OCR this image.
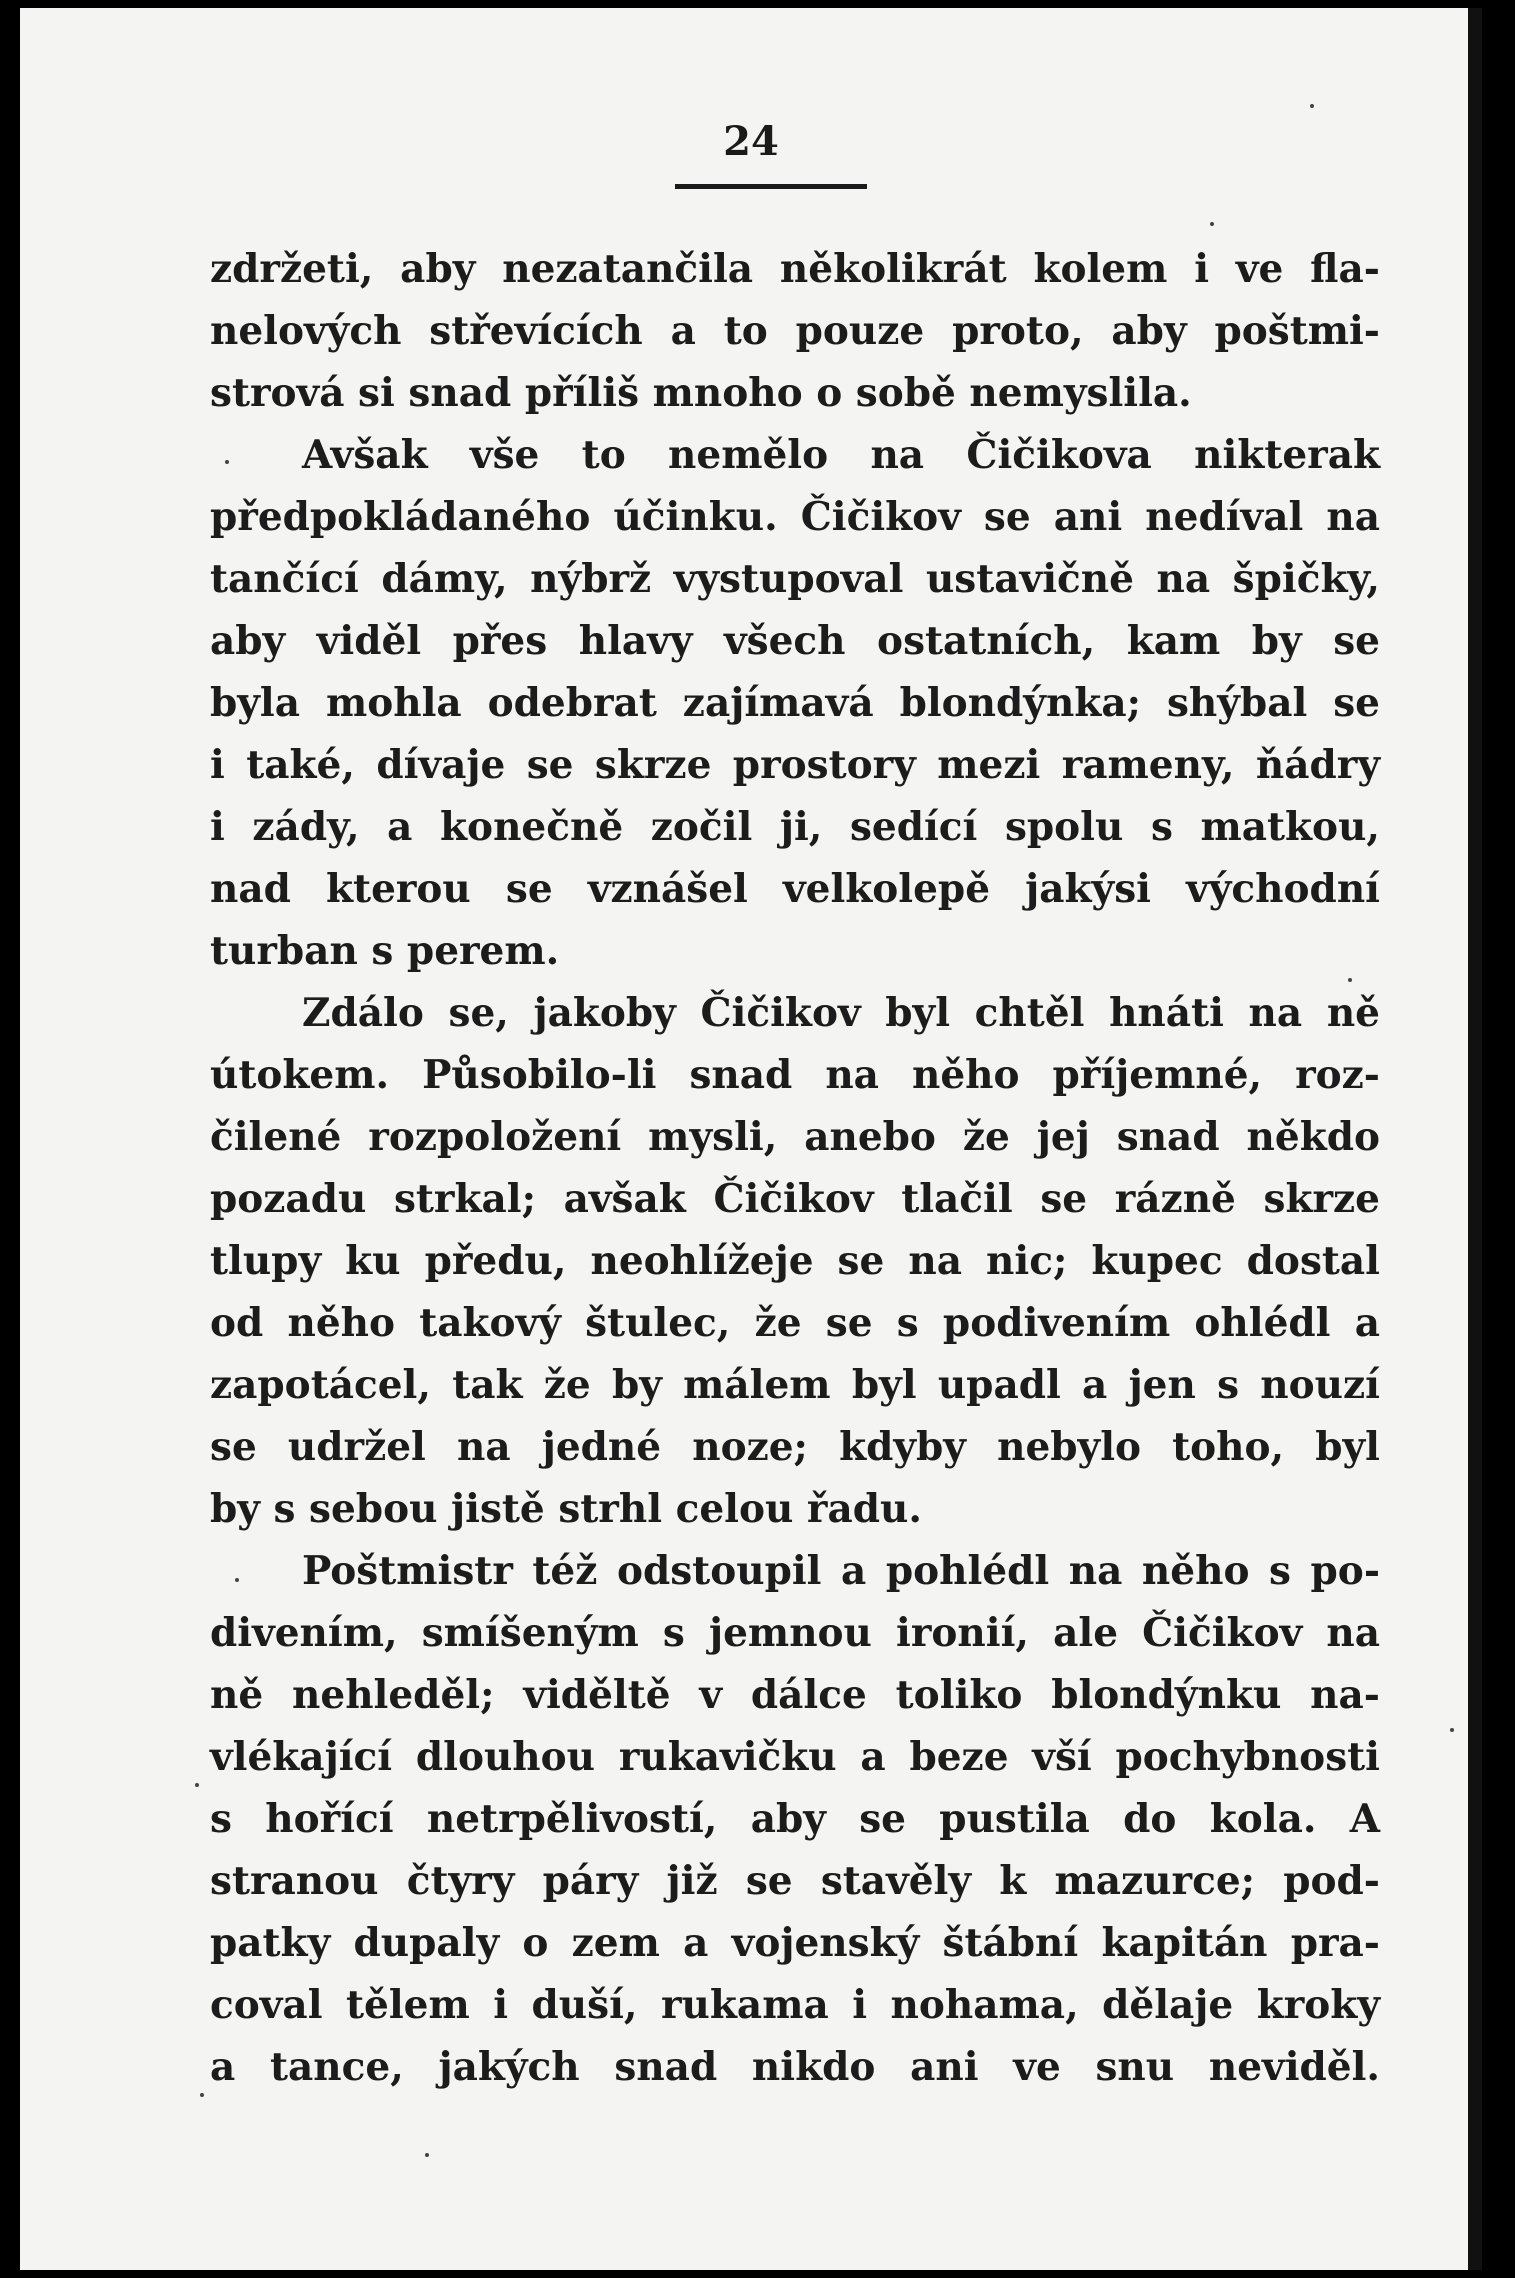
24
zdržeti, aby nezatančila několikrát kolem i ve fla-
nelových střevících a to pouze proto, aby poštmi-
strová si snad příliš mnoho o sobě nemyslila.
Avšak vše to nemělo na Čičikova nikterak
předpokládaného účinku. Čičikov se ani nedíval na
tančící dámy, nýbrž vystupoval ustavičně na špičky,
aby viděl přes hlavy všech ostatních, kam by se
byla mohla odebrat zajímavá blondýnka; shýbal se
i také, dívaje se skrze prostory mezi rameny, ňádry
i zády, a konečně zočil ji, sedící spolu s matkou,
nad kterou se vznášel velkolepě jakýsi východní
turban s perem.
Zdálo se, jakoby Čičikov byl chtěl hnáti na ně
útokem. Působilo-li snad na něho příjemné, roz-
čilené rozpoložení mysli, anebo že jej snad někdo
pozadu strkal; avšak Čičikov tlačil se rázně skrze
tlupy ku předu, neohlížeje se na nic; kupec dostal
od něho takový štulec, že se s podivením ohlédl a
zapotácel, tak že by málem byl upadl a jen s nouzí
se udržel na jedné noze; kdyby nebylo toho, byl
by s sebou jistě strhl celou řadu.
Poštmistr též odstoupil a pohlédl na něho s po-
divením, smíšeným s jemnou ironií, ale Čičikov na
ně nehleděl; viděltě v dálce toliko blondýnku na-
vlékající dlouhou rukavičku a beze vší pochybnosti
s hořící netrpělivostí, aby se pustila do kola. A
stranou čtyry páry již se stavěly k mazurce; pod-
patky dupaly o zem a vojenský štábní kapitán pra-
coval tělem i duší, rukama i nohama, dělaje kroky
a tance, jakých snad nikdo ani ve snu neviděl.
